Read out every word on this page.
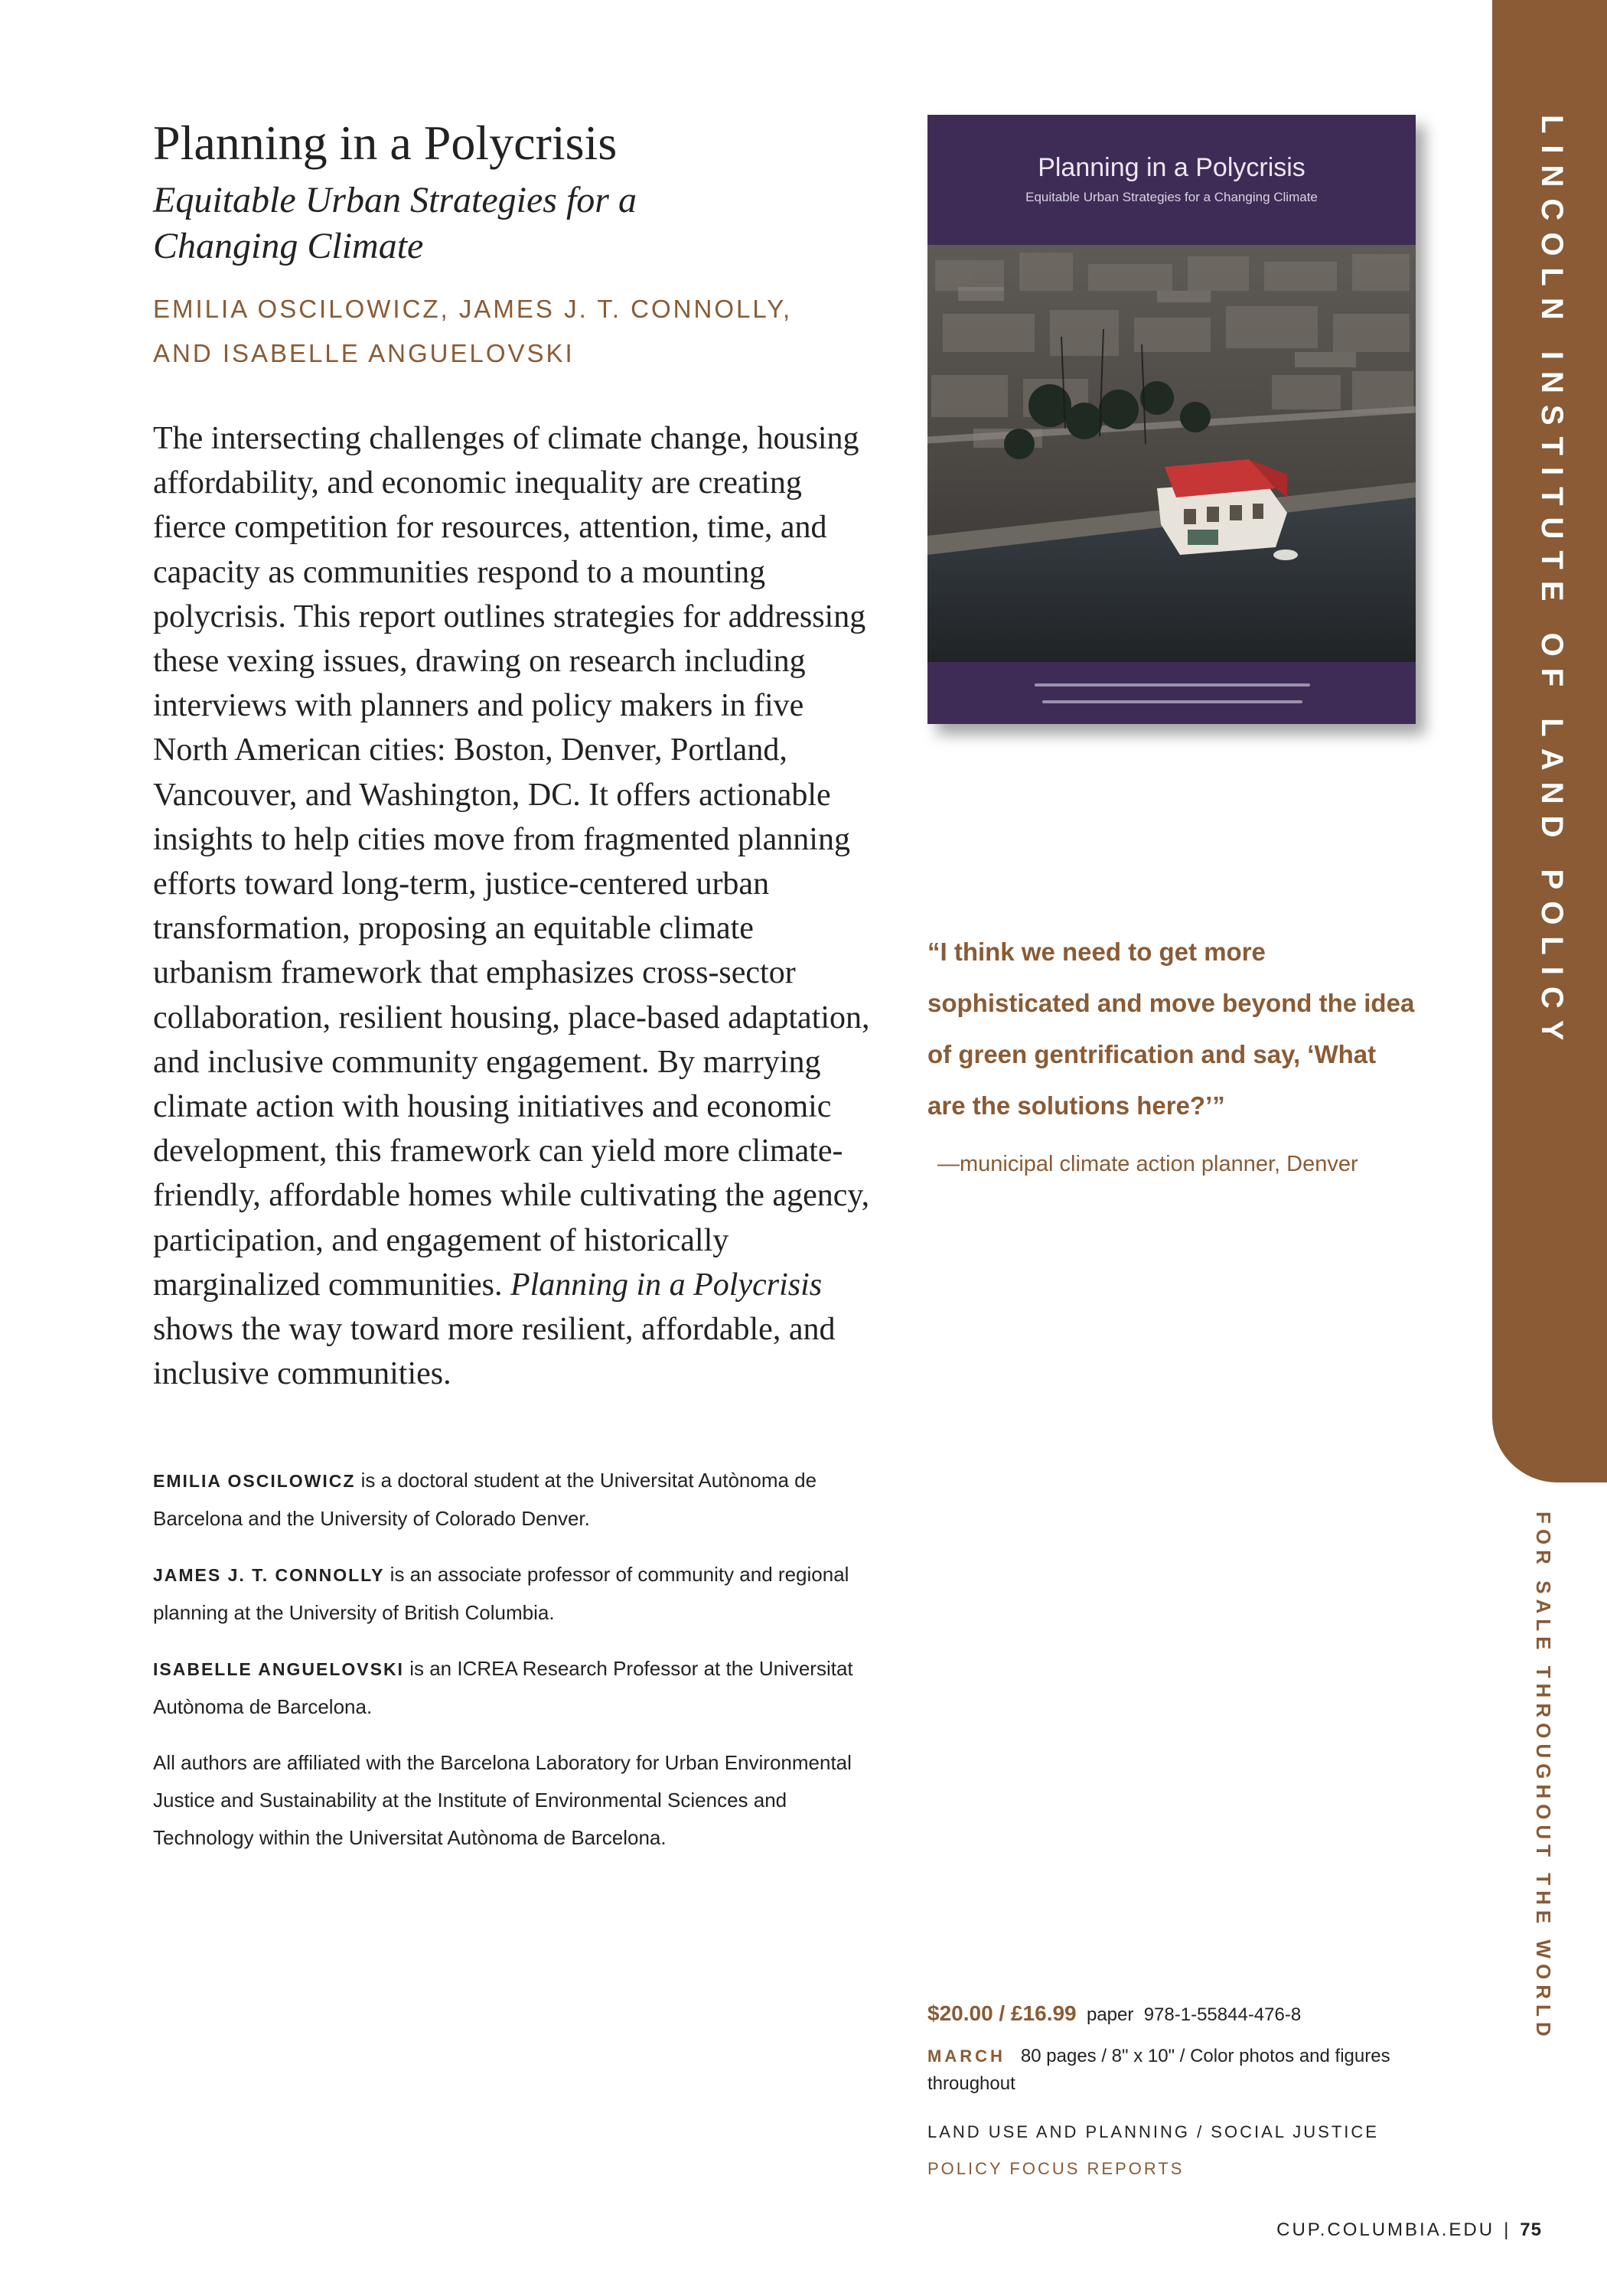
LINCOLN INSTITUTE OF LAND POLICY
FOR SALE THROUGHOUT THE WORLD
Planning in a Polycrisis

Equitable Urban Strategies for a Changing Climate

EMILIA OSCILOWICZ, JAMES J. T. CONNOLLY,
AND ISABELLE ANGUELOVSKI

The intersecting challenges of climate change, housing affordability, and economic inequality are creating fierce competition for resources, attention, time, and capacity as communities respond to a mounting polycrisis. This report outlines strategies for addressing these vexing issues, drawing on research including interviews with planners and policy makers in five North American cities: Boston, Denver, Portland, Vancouver, and Washington, DC. It offers actionable insights to help cities move from fragmented planning efforts toward long-term, justice-centered urban transformation, proposing an equitable climate urbanism framework that emphasizes cross-sector collaboration, resilient housing, place-based adaptation, and inclusive community engagement. By marrying climate action with housing initiatives and economic development, this framework can yield more climate-friendly, affordable homes while cultivating the agency, participation, and engagement of historically marginalized communities. Planning in a Polycrisis shows the way toward more resilient, affordable, and inclusive communities.

EMILIA OSCILOWICZ is a doctoral student at the Universitat Autònoma de Barcelona and the University of Colorado Denver.

JAMES J. T. CONNOLLY is an associate professor of community and regional planning at the University of British Columbia.

ISABELLE ANGUELOVSKI is an ICREA Research Professor at the Universitat Autònoma de Barcelona.

All authors are affiliated with the Barcelona Laboratory for Urban Environmental Justice and Sustainability at the Institute of Environmental Sciences and Technology within the Universitat Autònoma de Barcelona.

Planning in a Polycrisis
Equitable Urban Strategies for a Changing Climate

“I think we need to get more sophisticated and move beyond the idea of green gentrification and say, ‘What are the solutions here?’”

—municipal climate action planner, Denver

$20.00 / £16.99 paper 978-1-55844-476-8

MARCH 80 pages / 8" x 10" / Color photos and figures throughout
LAND USE AND PLANNING / SOCIAL JUSTICE
POLICY FOCUS REPORTS
CUP.COLUMBIA.EDU | 75
